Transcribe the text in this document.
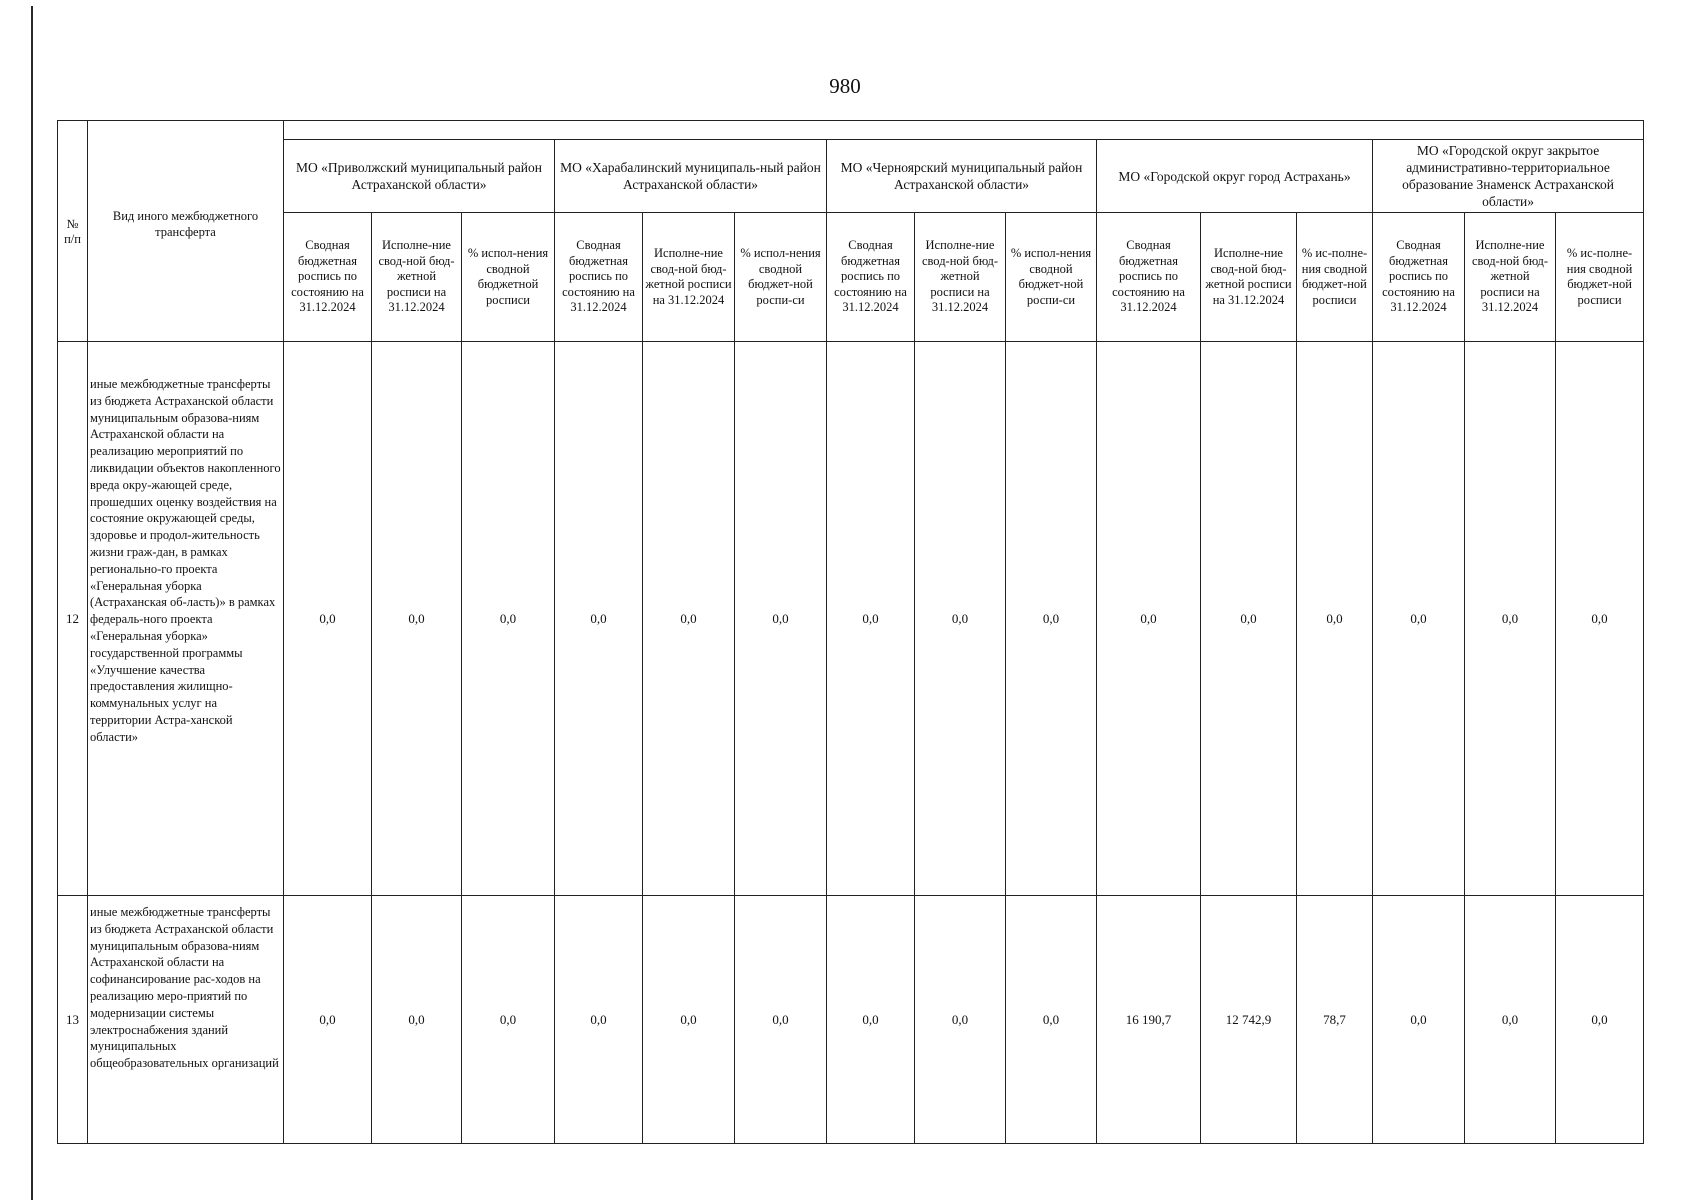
980
№ п/п	Вид иного межбюджетного трансферта															
		МО «Приволжский муниципальный район Астраханской области»			МО «Харабалинский муниципаль-ный район Астраханской области»			МО «Черноярский муниципальный район Астраханской области»			МО «Городской округ город Астрахань»			МО «Городской округ закрытое административно-территориальное образование Знаменск Астраханской области»		
		Сводная бюджетная роспись по состоянию на 31.12.2024	Исполне-ние свод-ной бюд-жетной росписи на 31.12.2024	% испол-нения сводной бюджетной росписи	Сводная бюджетная роспись по состоянию на 31.12.2024	Исполне-ние свод-ной бюд-жетной росписи на 31.12.2024	% испол-нения сводной бюджет-ной роспи-си	Сводная бюджетная роспись по состоянию на 31.12.2024	Исполне-ние свод-ной бюд-жетной росписи на 31.12.2024	% испол-нения сводной бюджет-ной роспи-си	Сводная бюджетная роспись по состоянию на 31.12.2024	Исполне-ние свод-ной бюд-жетной росписи на 31.12.2024	% ис-полне-ния сводной бюджет-ной росписи	Сводная бюджетная роспись по состоянию на 31.12.2024	Исполне-ние свод-ной бюд-жетной росписи на 31.12.2024	% ис-полне-ния сводной бюджет-ной росписи
12	иные межбюджетные трансферты из бюджета Астраханской области муниципальным образова-ниям Астраханской области на реализацию мероприятий по ликвидации объектов накопленного вреда окру-жающей среде, прошедших оценку воздействия на состояние окружающей среды, здоровье и продол-жительность жизни граж-дан, в рамках регионально-го проекта «Генеральная уборка (Астраханская об-ласть)» в рамках федераль-ного проекта «Генеральная уборка» государственной программы «Улучшение качества предоставления жилищно-коммунальных услуг на территории Астра-ханской области»	0,0	0,0	0,0	0,0	0,0	0,0	0,0	0,0	0,0	0,0	0,0	0,0	0,0	0,0	0,0
13	иные межбюджетные трансферты из бюджета Астраханской области муниципальным образова-ниям Астраханской области на софинансирование рас-ходов на реализацию меро-приятий по модернизации системы электроснабжения зданий муниципальных общеобразовательных организаций	0,0	0,0	0,0	0,0	0,0	0,0	0,0	0,0	0,0	16 190,7	12 742,9	78,7	0,0	0,0	0,0
